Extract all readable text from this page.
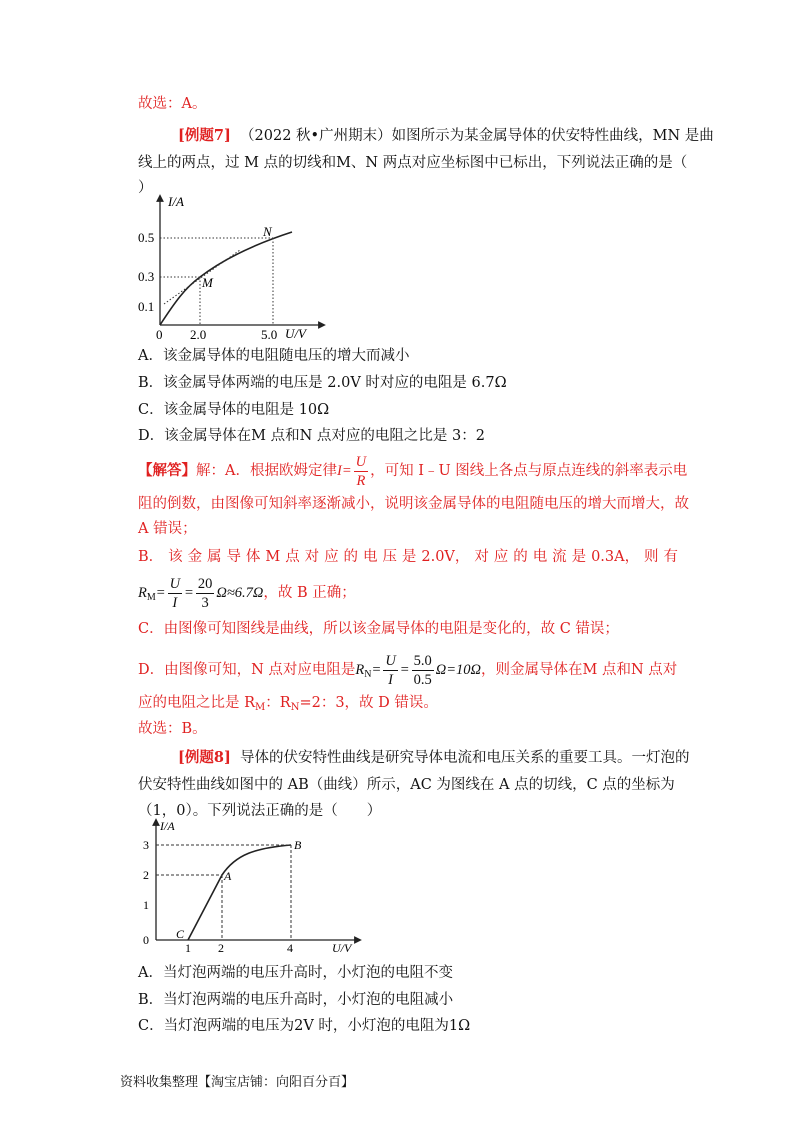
故选：A。
[例题7] （2022 秋•广州期末）如图所示为某金属导体的伏安特性曲线，MN 是曲
线上的两点，过 M 点的切线和M、N 两点对应坐标图中已标出，下列说法正确的是（
）
I/A
U/V
0.5
0.3
0.1
0 2.0	5.0
M
N
A．该金属导体的电阻随电压的增大而减小
B．该金属导体两端的电压是 2.0V 时对应的电阻是 6.7Ω
C．该金属导体的电阻是 10Ω
D．该金属导体在M 点和N 点对应的电阻之比是 3：2
【解答】解：A．根据欧姆定律$I= \frac{U}{R}$ ，可知 I﹣U 图线上各点与原点连线的斜率表示电
阻的倒数，由图像可知斜率逐渐减小，说明该金属导体的电阻随电压的增大而增大，故
A 错误；
B． 该 金 属 导 体 M 点 对 应 的 电 压 是 2.0V， 对 应 的 电 流 是 0.3A， 则 有
$R_M= \frac{U}{I} = \frac{20}{3} \Omega\approx 6.7\Omega$，故 B 正确；
C．由图像可知图线是曲线，所以该金属导体的电阻是变化的，故 C 错误；
D．由图像可知，N 点对应电阻是$R_N= \frac{U}{I} = \frac{5.0}{0.5} \Omega=10\Omega$，则金属导体在M 点和N 点对
应的电阻之比是 $R_M$：$R_N=2$：3，故 D 错误。
故选：B。
[例题8] 导体的伏安特性曲线是研究导体电流和电压关系的重要工具。一灯泡的
伏安特性曲线如图中的 AB（曲线）所示，AC 为图线在 A 点的切线，C 点的坐标为
（1，0）。下列说法正确的是（　　）
I/A
U/V
3
2
1
0
1 2	4
A
B
C
A．当灯泡两端的电压升高时，小灯泡的电阻不变
B．当灯泡两端的电压升高时，小灯泡的电阻减小
C．当灯泡两端的电压为2V 时，小灯泡的电阻为1Ω
资料收集整理【淘宝店铺：向阳百分百】
